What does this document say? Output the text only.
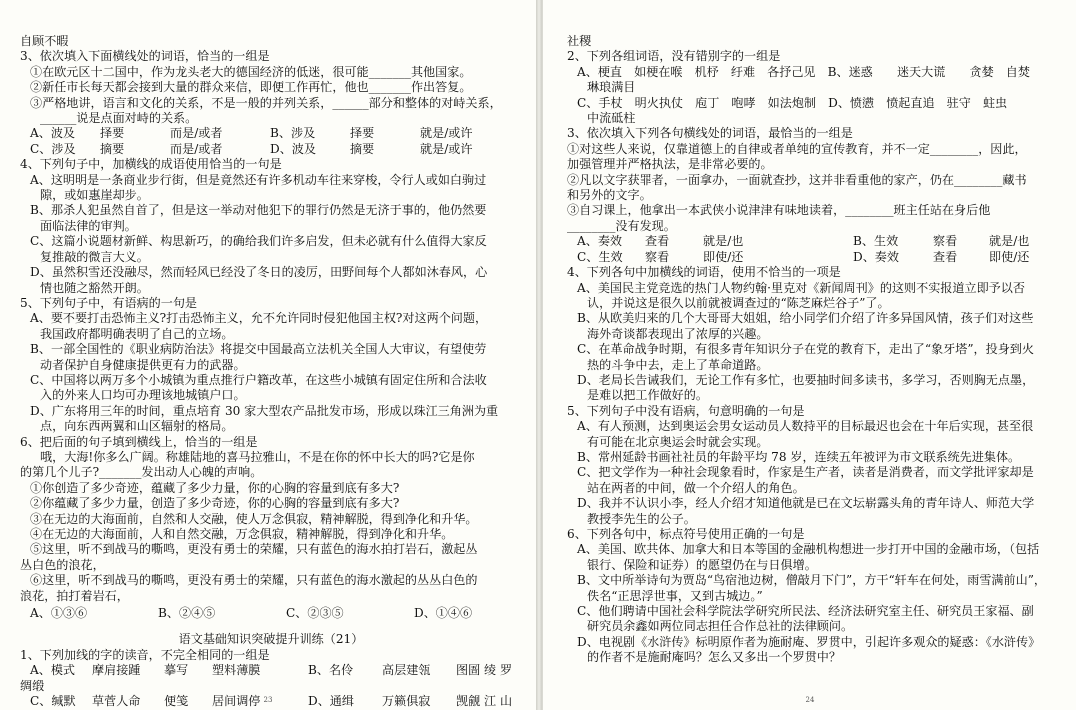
自顾不暇
3、依次填入下面横线处的词语，恰当的一组是
①在欧元区十二国中，作为龙头老大的德国经济的低迷，很可能_______其他国家。
②新任市长每天都会接到大量的群众来信，即便工作再忙，他也_______作出答复。
③严格地讲，语言和文化的关系，不是一般的并列关系，______部分和整体的对峙关系，
______说是点面对峙的关系。
A、波及	择要	而是/或者	B、涉及	择要	就是/或许
C、涉及	摘要	而是/或者	D、波及	摘要	就是/或许
4、下列句子中，加横线的成语使用恰当的一句是
A、这明明是一条商业步行街，但是竟然还有许多机动车往来穿梭，令行人或如白驹过
隙，或如惠崖却步。
B、那杀人犯虽然自首了，但是这一举动对他犯下的罪行仍然是无济于事的，他仍然要
面临法律的审判。
C、这篇小说题材新鲜、构思新巧，的确给我们许多启发，但未必就有什么值得大家反
复推敲的微言大义。
D、虽然积雪还没融尽，然而轻风已经没了冬日的凌厉，田野间每个人都如沐春风，心
情也随之豁然开朗。
5、下列句子中，有语病的一句是
A、要不要打击恐怖主义?打击恐怖主义，允不允许同时侵犯他国主权?对这两个问题，
我国政府都明确表明了自己的立场。
B、一部全国性的《职业病防治法》将提交中国最高立法机关全国人大审议，有望使劳
动者保护自身健康提供更有力的武器。
C、中国将以两万多个小城镇为重点推行户籍改革，在这些小城镇有固定住所和合法收
入的外来人口均可办理该地城镇户口。
D、广东将用三年的时间，重点培育 30 家大型农产品批发市场，形成以珠江三角洲为重
点，向东西两翼和山区辐射的格局。
6、把后面的句子填到横线上，恰当的一组是
哦，大海!你多么广阔。称雄陆地的喜马拉雅山，不是在你的怀中长大的吗?它是你
的第几个儿子?_______发出动人心魄的声响。
①你创造了多少奇迹，蕴藏了多少力量，你的心胸的容量到底有多大?
②你蕴藏了多少力量，创造了多少奇迹，你的心胸的容量到底有多大?
③在无边的大海面前，自然和人交融，使人万念俱寂，精神解脱，得到净化和升华。
④在无边的大海面前，人和自然交融，万念俱寂，精神解脱，得到净化和升华。
⑤这里，听不到战马的嘶鸣，更没有勇士的荣耀，只有蓝色的海水拍打岩石，激起丛
丛白色的浪花，
⑥这里，听不到战马的嘶鸣，更没有勇士的荣耀，只有蓝色的海水激起的丛丛白色的
浪花，拍打着岩石，
A、①③⑥	B、②④⑤	C、②③⑤	D、①④⑥
语文基础知识突破提升训练（21）
1、下列加线的字的读音，不完全相同的一组是
A、模式	摩肩接踵	摹写	塑料薄膜	B、名伶	高层建瓴	图圄 绫 罗
绸缎
C、缄默	草菅人命	便笺	居间调停	D、通缉	万籁俱寂	觊觎 江 山
23
社稷
2、下列各组词语，没有错别字的一组是
A、梗直　如梗在喉　机杼　纡难　各抒己见　B、迷惑　　迷天大谎　　贪婪　自焚
琳琅满目
C、手杖　明火执仗　庖丁　咆哮　如法炮制　D、愤懑　愤起直追　驻守　蛀虫
中流砥柱
3、依次填入下列各句横线处的词语，最恰当的一组是
①对这些人来说，仅靠道德上的自律或者单纯的宣传教育，并不一定________，因此，
加强管理并严格执法，是非常必要的。
②凡以文字获罪者，一面拿办，一面就查抄，这并非看重他的家产，仍在________藏书
和另外的文字。
③自习课上，他拿出一本武侠小说津津有味地读着，________班主任站在身后他
________没有发现。
A、奏效	查看	就是/也	B、生效	察看	就是/也
C、生效	察看	即使/还	D、奏效	查看	即使/还
4、下列各句中加横线的词语，使用不恰当的一项是
A、美国民主党竞选的热门人物约翰·里克对《新闻周刊》的这则不实报道立即予以否
认，并说这是很久以前就被调查过的“陈芝麻烂谷子”了。
B、从欧美归来的几个大哥哥大姐姐，给小同学们介绍了许多异国风情，孩子们对这些
海外奇谈都表现出了浓厚的兴趣。
C、在革命战争时期，有很多青年知识分子在党的教育下，走出了“象牙塔”，投身到火
热的斗争中去，走上了革命道路。
D、老局长告诫我们，无论工作有多忙，也要抽时间多读书，多学习，否则胸无点墨，
是难以把工作做好的。
5、下列句子中没有语病，句意明确的一句是
A、有人预测，达到奥运会男女运动员人数持平的目标最迟也会在十年后实现，甚至很
有可能在北京奥运会时就会实现。
B、常州延龄书画社社员的年龄平均 78 岁，连续五年被评为市文联系统先进集体。
C、把文学作为一种社会现象看时，作家是生产者，读者是消费者，而文学批评家却是
站在两者的中间，做一个介绍人的角色。
D、我并不认识小李，经人介绍才知道他就是已在文坛崭露头角的青年诗人、师范大学
教授李先生的公子。
6、下列各句中，标点符号使用正确的一句是
A、美国、欧共体、加拿大和日本等国的金融机构想进一步打开中国的金融市场，（包括
银行、保险和证券）的愿望仍在与日俱增。
B、文中所举诗句为贾岛“鸟宿池边树，僧敲月下门”，方干“轩车在何处，雨雪满前山”，
佚名“正思浮世事，又到古城边。”
C、他们聘请中国社会科学院法学研究所民法、经济法研究室主任、研究员王家福、副
研究员余鑫如两位同志担任合作总社的法律顾问。
D、电视剧《水浒传》标明原作者为施耐庵、罗贯中，引起许多观众的疑惑：《水浒传》
的作者不是施耐庵吗？怎么又多出一个罗贯中？
24
